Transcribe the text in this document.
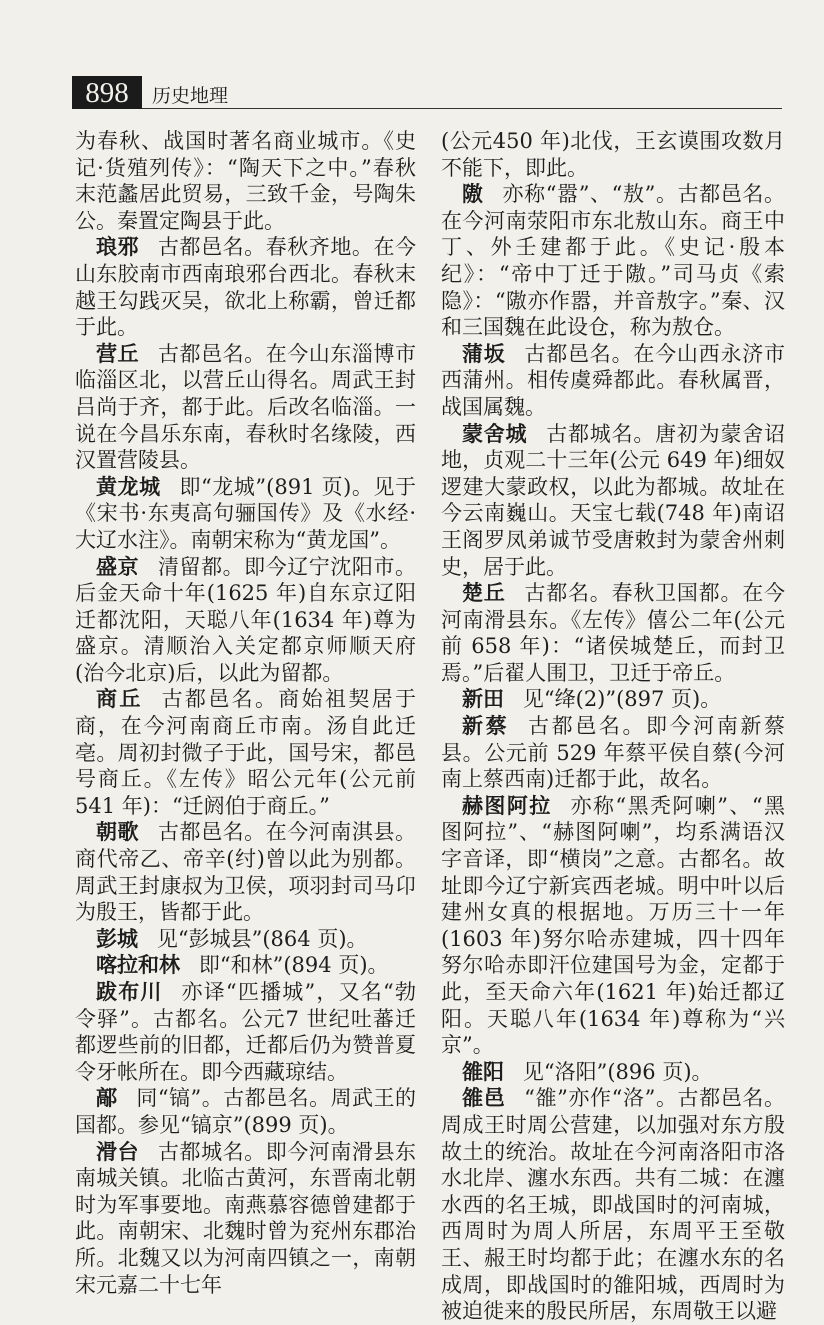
898	历史地理

为春秋、战国时著名商业城市。《史记·货殖列传》：“陶天下之中。”春秋末范蠡居此贸易，三致千金，号陶朱公。秦置定陶县于此。

琅邪 古都邑名。春秋齐地。在今山东胶南市西南琅邪台西北。春秋末越王勾践灭吴，欲北上称霸，曾迁都于此。

营丘 古都邑名。在今山东淄博市临淄区北，以营丘山得名。周武王封吕尚于齐，都于此。后改名临淄。一说在今昌乐东南，春秋时名缘陵，西汉置营陵县。

黄龙城 即“龙城”(891 页)。见于《宋书·东夷高句骊国传》及《水经·大辽水注》。南朝宋称为“黄龙国”。

盛京 清留都。即今辽宁沈阳市。后金天命十年(1625 年)自东京辽阳迁都沈阳，天聪八年(1634 年)尊为盛京。清顺治入关定都京师顺天府(治今北京)后，以此为留都。

商丘 古都邑名。商始祖契居于商，在今河南商丘市南。汤自此迁亳。周初封微子于此，国号宋，都邑号商丘。《左传》昭公元年(公元前 541 年)：“迁阏伯于商丘。”

朝歌 古都邑名。在今河南淇县。商代帝乙、帝辛(纣)曾以此为别都。周武王封康叔为卫侯，项羽封司马卬为殷王，皆都于此。

彭城 见“彭城县”(864 页)。

喀拉和林 即“和林”(894 页)。

跋布川 亦译“匹播城”，又名“勃令驿”。古都名。公元7 世纪吐蕃迁都逻些前的旧都，迁都后仍为赞普夏令牙帐所在。即今西藏琼结。

鄗 同“镐”。古都邑名。周武王的国都。参见“镐京”(899 页)。

滑台 古都城名。即今河南滑县东南城关镇。北临古黄河，东晋南北朝时为军事要地。南燕慕容德曾建都于此。南朝宋、北魏时曾为兖州东郡治所。北魏又以为河南四镇之一，南朝宋元嘉二十七年

(公元450 年)北伐，王玄谟围攻数月不能下，即此。

隞 亦称“嚣”、“敖”。古都邑名。在今河南荥阳市东北敖山东。商王中丁、外壬建都于此。《史记·殷本纪》：“帝中丁迁于隞。”司马贞《索隐》：“隞亦作嚣，并音敖字。”秦、汉和三国魏在此设仓，称为敖仓。

蒲坂 古都邑名。在今山西永济市西蒲州。相传虞舜都此。春秋属晋，战国属魏。

蒙舍城 古都城名。唐初为蒙舍诏地，贞观二十三年(公元 649 年)细奴逻建大蒙政权，以此为都城。故址在今云南巍山。天宝七载(748 年)南诏王阁罗凤弟诚节受唐敕封为蒙舍州刺史，居于此。

楚丘 古都名。春秋卫国都。在今河南滑县东。《左传》僖公二年(公元前 658 年)：“诸侯城楚丘，而封卫焉。”后翟人围卫，卫迁于帝丘。

新田 见“绛(2)”(897 页)。

新蔡 古都邑名。即今河南新蔡县。公元前 529 年蔡平侯自蔡(今河南上蔡西南)迁都于此，故名。

赫图阿拉 亦称“黑秃阿喇”、“黑图阿拉”、“赫图阿喇”，均系满语汉字音译，即“横岗”之意。古都名。故址即今辽宁新宾西老城。明中叶以后建州女真的根据地。万历三十一年(1603 年)努尔哈赤建城，四十四年努尔哈赤即汗位建国号为金，定都于此，至天命六年(1621 年)始迁都辽阳。天聪八年(1634 年)尊称为“兴京”。

雒阳 见“洛阳”(896 页)。

雒邑 “雒”亦作“洛”。古都邑名。周成王时周公营建，以加强对东方殷故土的统治。故址在今河南洛阳市洛水北岸、瀍水东西。共有二城：在瀍水西的名王城，即战国时的河南城，西周时为周人所居，东周平王至敬王、赧王时均都于此；在瀍水东的名成周，即战国时的雒阳城，西周时为被迫徙来的殷民所居，东周敬王以避
